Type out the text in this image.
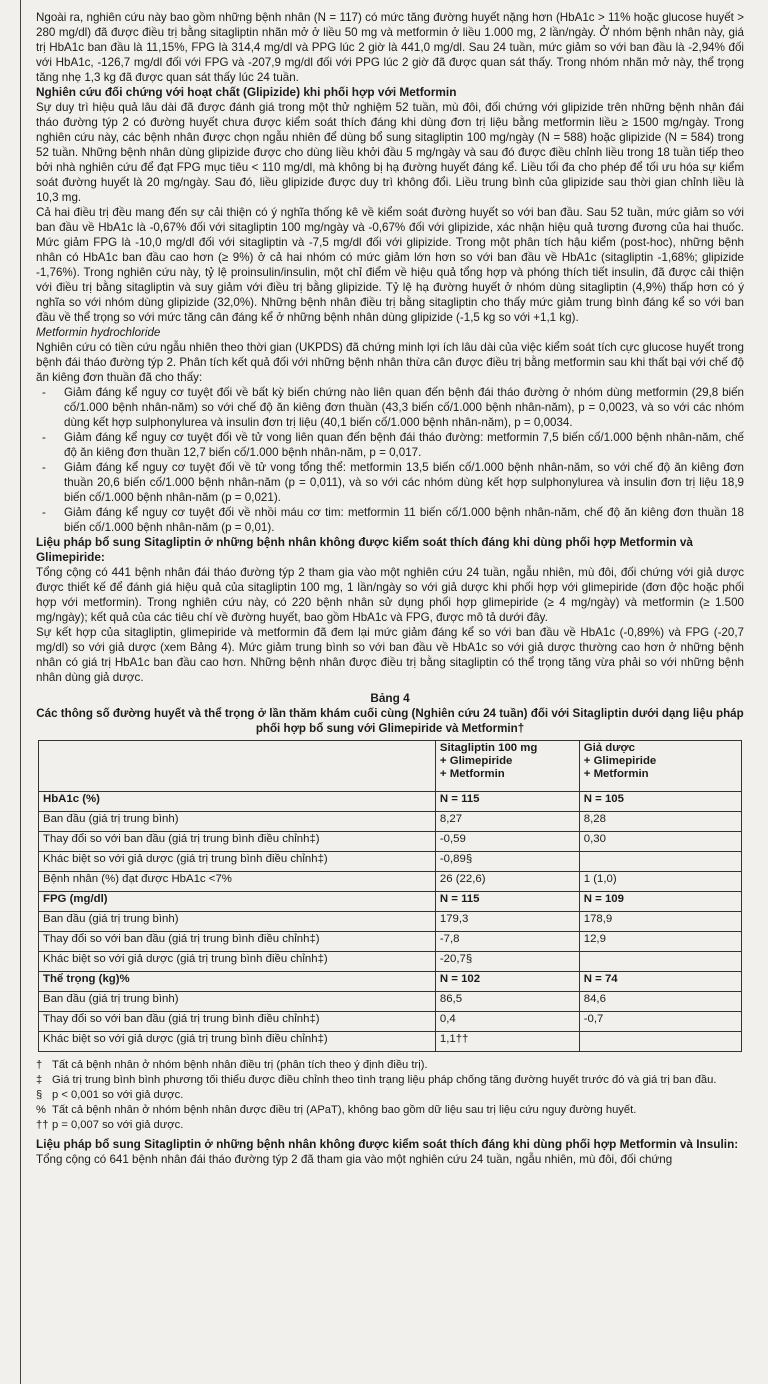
Ngoài ra, nghiên cứu này bao gồm những bệnh nhân (N = 117) có mức tăng đường huyết nặng hơn (HbA1c > 11% hoặc glucose huyết > 280 mg/dl) đã được điều trị bằng sitagliptin nhãn mở ở liều 50 mg và metformin ở liều 1.000 mg, 2 lần/ngày. Ở nhóm bệnh nhân này, giá trị HbA1c ban đầu là 11,15%, FPG là 314,4 mg/dl và PPG lúc 2 giờ là 441,0 mg/dl. Sau 24 tuần, mức giảm so với ban đầu là -2,94% đối với HbA1c, -126,7 mg/dl đối với FPG và -207,9 mg/dl đối với PPG lúc 2 giờ đã được quan sát thấy. Trong nhóm nhãn mở này, thể trọng tăng nhẹ 1,3 kg đã được quan sát thấy lúc 24 tuần.

Nghiên cứu đối chứng với hoạt chất (Glipizide) khi phối hợp với Metformin

Sự duy trì hiệu quả lâu dài đã được đánh giá trong một thử nghiệm 52 tuần, mù đôi, đối chứng với glipizide trên những bệnh nhân đái tháo đường týp 2 có đường huyết chưa được kiểm soát thích đáng khi dùng đơn trị liệu bằng metformin liều ≥ 1500 mg/ngày. Trong nghiên cứu này, các bệnh nhân được chọn ngẫu nhiên để dùng bổ sung sitagliptin 100 mg/ngày (N = 588) hoặc glipizide (N = 584) trong 52 tuần. Những bệnh nhân dùng glipizide được cho dùng liều khởi đầu 5 mg/ngày và sau đó được điều chỉnh liều trong 18 tuần tiếp theo bởi nhà nghiên cứu để đạt FPG mục tiêu < 110 mg/dl, mà không bị hạ đường huyết đáng kể. Liều tối đa cho phép để tối ưu hóa sự kiểm soát đường huyết là 20 mg/ngày. Sau đó, liều glipizide được duy trì không đổi. Liều trung bình của glipizide sau thời gian chỉnh liều là 10,3 mg.

Cả hai điều trị đều mang đến sự cải thiện có ý nghĩa thống kê về kiểm soát đường huyết so với ban đầu. Sau 52 tuần, mức giảm so với ban đầu về HbA1c là -0,67% đối với sitagliptin 100 mg/ngày và -0,67% đối với glipizide, xác nhận hiệu quả tương đương của hai thuốc. Mức giảm FPG là -10,0 mg/dl đối với sitagliptin và -7,5 mg/dl đối với glipizide. Trong một phân tích hậu kiểm (post-hoc), những bệnh nhân có HbA1c ban đầu cao hơn (≥ 9%) ở cả hai nhóm có mức giảm lớn hơn so với ban đầu về HbA1c (sitagliptin -1,68%; glipizide -1,76%). Trong nghiên cứu này, tỷ lệ proinsulin/insulin, một chỉ điểm về hiệu quả tổng hợp và phóng thích tiết insulin, đã được cải thiện với điều trị bằng sitagliptin và suy giảm với điều trị bằng glipizide. Tỷ lệ hạ đường huyết ở nhóm dùng sitagliptin (4,9%) thấp hơn có ý nghĩa so với nhóm dùng glipizide (32,0%). Những bệnh nhân điều trị bằng sitagliptin cho thấy mức giảm trung bình đáng kể so với ban đầu về thể trọng so với mức tăng cân đáng kể ở những bệnh nhân dùng glipizide (-1,5 kg so với +1,1 kg).

Metformin hydrochloride

Nghiên cứu có tiền cứu ngẫu nhiên theo thời gian (UKPDS) đã chứng minh lợi ích lâu dài của việc kiểm soát tích cực glucose huyết trong bệnh đái tháo đường týp 2. Phân tích kết quả đối với những bệnh nhân thừa cân được điều trị bằng metformin sau khi thất bại với chế độ ăn kiêng đơn thuần đã cho thấy:

- Giảm đáng kể nguy cơ tuyệt đối về bất kỳ biến chứng nào liên quan đến bệnh đái tháo đường ở nhóm dùng metformin (29,8 biến cố/1.000 bệnh nhân-năm) so với chế độ ăn kiêng đơn thuần (43,3 biến cố/1.000 bệnh nhân-năm), p = 0,0023, và so với các nhóm dùng kết hợp sulphonylurea và insulin đơn trị liệu (40,1 biến cố/1.000 bệnh nhân-năm), p = 0,0034.
- Giảm đáng kể nguy cơ tuyệt đối về tử vong liên quan đến bệnh đái tháo đường: metformin 7,5 biến cố/1.000 bệnh nhân-năm, chế độ ăn kiêng đơn thuần 12,7 biến cố/1.000 bệnh nhân-năm, p = 0,017.
- Giảm đáng kể nguy cơ tuyệt đối về tử vong tổng thể: metformin 13,5 biến cố/1.000 bệnh nhân-năm, so với chế độ ăn kiêng đơn thuần 20,6 biến cố/1.000 bệnh nhân-năm (p = 0,011), và so với các nhóm dùng kết hợp sulphonylurea và insulin đơn trị liệu 18,9 biến cố/1.000 bệnh nhân-năm (p = 0,021).
- Giảm đáng kể nguy cơ tuyệt đối về nhồi máu cơ tim: metformin 11 biến cố/1.000 bệnh nhân-năm, chế độ ăn kiêng đơn thuần 18 biến cố/1.000 bệnh nhân-năm (p = 0,01).
Liệu pháp bổ sung Sitagliptin ở những bệnh nhân không được kiểm soát thích đáng khi dùng phối hợp Metformin và Glimepiride:

Tổng cộng có 441 bệnh nhân đái tháo đường týp 2 tham gia vào một nghiên cứu 24 tuần, ngẫu nhiên, mù đôi, đối chứng với giả dược được thiết kế để đánh giá hiệu quả của sitagliptin 100 mg, 1 lần/ngày so với giả dược khi phối hợp với glimepiride (đơn độc hoặc phối hợp với metformin). Trong nghiên cứu này, có 220 bệnh nhân sử dụng phối hợp glimepiride (≥ 4 mg/ngày) và metformin (≥ 1.500 mg/ngày); kết quả của các tiêu chí về đường huyết, bao gồm HbA1c và FPG, được mô tả dưới đây.

Sự kết hợp của sitagliptin, glimepiride và metformin đã đem lại mức giảm đáng kể so với ban đầu về HbA1c (-0,89%) và FPG (-20,7 mg/dl) so với giả dược (xem Bảng 4). Mức giảm trung bình so với ban đầu về HbA1c so với giả dược thường cao hơn ở những bệnh nhân có giá trị HbA1c ban đầu cao hơn. Những bệnh nhân được điều trị bằng sitagliptin có thể trọng tăng vừa phải so với những bệnh nhân dùng giả dược.

Bảng 4
Các thông số đường huyết và thể trọng ở lần thăm khám cuối cùng (Nghiên cứu 24 tuần) đối với Sitagliptin dưới dạng liệu pháp phối hợp bổ sung với Glimepiride và Metformin†
	Sitagliptin 100 mg
+ Glimepiride
+ Metformin	Giả dược
+ Glimepiride
+ Metformin
HbA1c (%)	N = 115	N = 105
Ban đầu (giá trị trung bình)	8,27	8,28
Thay đổi so với ban đầu (giá trị trung bình điều chỉnh‡)	-0,59	0,30
Khác biệt so với giả dược (giá trị trung bình điều chỉnh‡)	-0,89§	
Bệnh nhân (%) đạt được HbA1c <7%	26 (22,6)	1 (1,0)
FPG (mg/dl)	N = 115	N = 109
Ban đầu (giá trị trung bình)	179,3	178,9
Thay đổi so với ban đầu (giá trị trung bình điều chỉnh‡)	-7,8	12,9
Khác biệt so với giả dược (giá trị trung bình điều chỉnh‡)	-20,7§	
Thể trọng (kg)%	N = 102	N = 74
Ban đầu (giá trị trung bình)	86,5	84,6
Thay đổi so với ban đầu (giá trị trung bình điều chỉnh‡)	0,4	-0,7
Khác biệt so với giả dược (giá trị trung bình điều chỉnh‡)	1,1††	

† Tất cả bệnh nhân ở nhóm bệnh nhân điều trị (phân tích theo ý định điều trị).

‡ Giá trị trung bình bình phương tối thiểu được điều chỉnh theo tình trạng liệu pháp chống tăng đường huyết trước đó và giá trị ban đầu.

§ p < 0,001 so với giả dược.

% Tất cả bệnh nhân ở nhóm bệnh nhân được điều trị (APaT), không bao gồm dữ liệu sau trị liệu cứu nguy đường huyết.

†† p = 0,007 so với giả dược.

Liệu pháp bổ sung Sitagliptin ở những bệnh nhân không được kiểm soát thích đáng khi dùng phối hợp Metformin và Insulin:

Tổng cộng có 641 bệnh nhân đái tháo đường týp 2 đã tham gia vào một nghiên cứu 24 tuần, ngẫu nhiên, mù đôi, đối chứng
